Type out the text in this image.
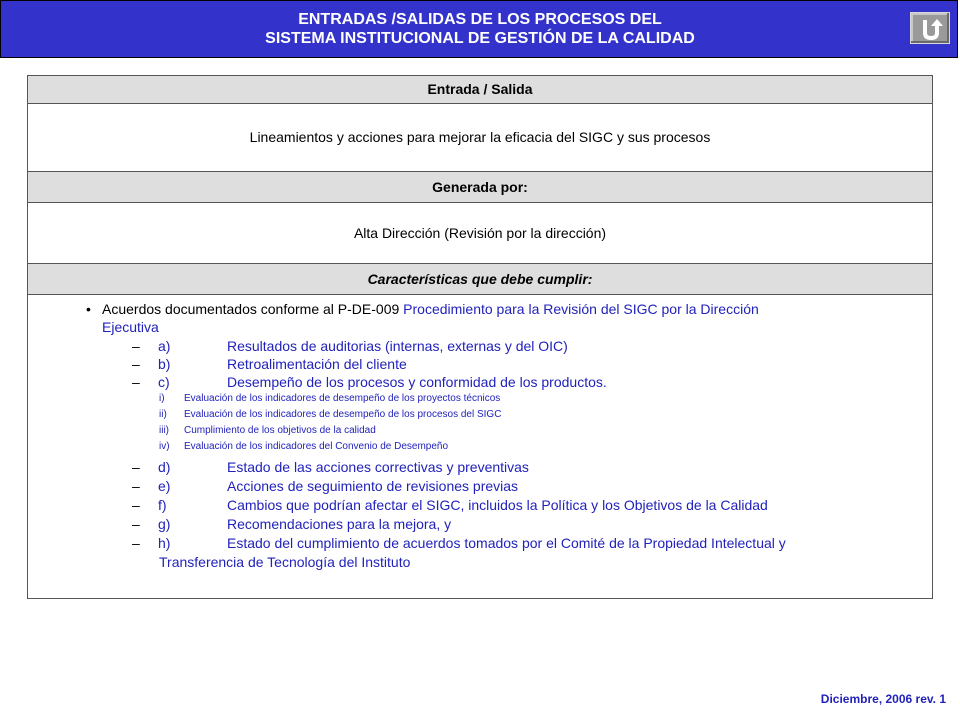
ENTRADAS /SALIDAS DE LOS PROCESOS DEL
SISTEMA INSTITUCIONAL DE GESTIÓN DE LA CALIDAD
Entrada / Salida
Lineamientos y acciones para mejorar la eficacia del SIGC y sus procesos
Generada por:
Alta Dirección (Revisión por la dirección)
Características que debe cumplir:
• Acuerdos documentados conforme al P-DE-009 Procedimiento para la Revisión del SIGC por la Dirección
Ejecutiva
– a)	Resultados de auditorias (internas, externas y del OIC)
– b)	Retroalimentación del cliente
– c)	Desempeño de los procesos y conformidad de los productos.
i) Evaluación de los indicadores de desempeño de los proyectos técnicos
ii) Evaluación de los indicadores de desempeño de los procesos del SIGC
iii) Cumplimiento de los objetivos de la calidad
iv) Evaluación de los indicadores del Convenio de Desempeño
– d)	Estado de las acciones correctivas y preventivas
– e)	Acciones de seguimiento de revisiones previas
– f)	Cambios que podrían afectar el SIGC, incluidos la Política y los Objetivos de la Calidad
– g)	Recomendaciones para la mejora, y
– h)	Estado del cumplimiento de acuerdos tomados por el Comité de la Propiedad Intelectual y
Transferencia de Tecnología del Instituto
Diciembre, 2006 rev. 1
